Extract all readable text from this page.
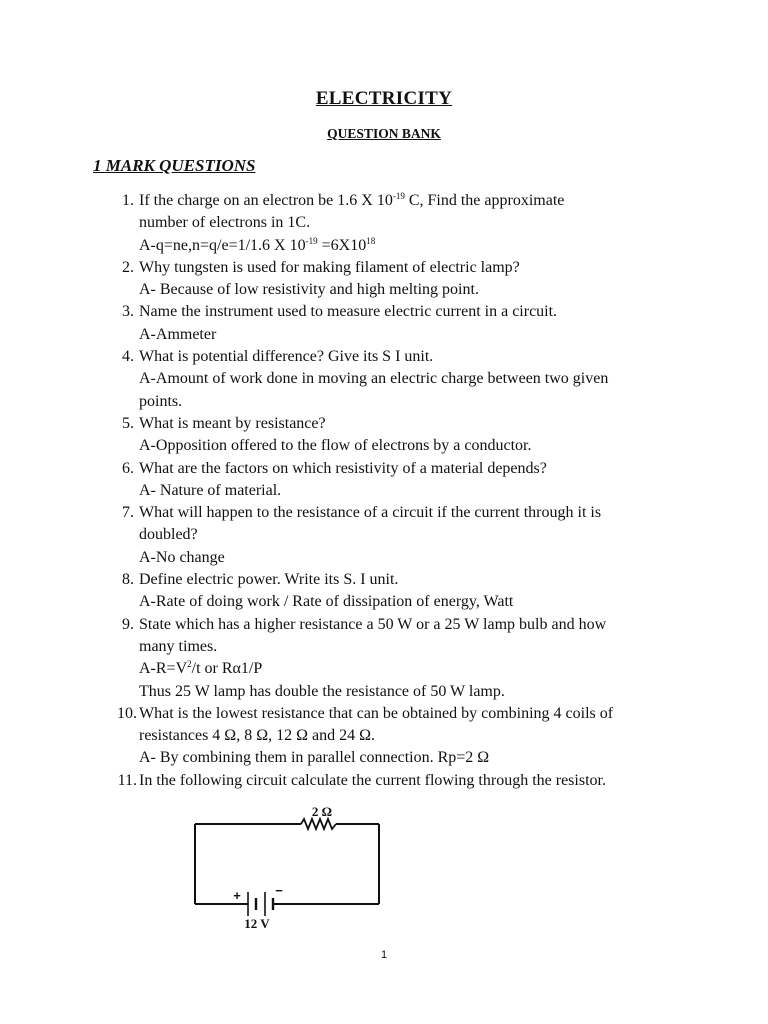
ELECTRICITY
QUESTION BANK
1 MARK QUESTIONS
1. If the charge on an electron be 1.6 X $10^{-19}$ C, Find the approximate
number of electrons in 1C.
A-q=ne,n=q/e=1/1.6 X $10^{-19} =6X10^{18}$
2. Why tungsten is used for making filament of electric lamp?
A- Because of low resistivity and high melting point.
3. Name the instrument used to measure electric current in a circuit.
A-Ammeter
4. What is potential difference? Give its S I unit.
A-Amount of work done in moving an electric charge between two given
points.
5. What is meant by resistance?
A-Opposition offered to the flow of electrons by a conductor.
6. What are the factors on which resistivity of a material depends?
A- Nature of material.
7. What will happen to the resistance of a circuit if the current through it is
doubled?
A-No change
8. Define electric power. Write its S. I unit.
A-Rate of doing work / Rate of dissipation of energy, Watt
9. State which has a higher resistance a 50 W or a 25 W lamp bulb and how
many times.
$A-R=V^2/t$ or Rα1/P
Thus 25 W lamp has double the resistance of 50 W lamp.
10. What is the lowest resistance that can be obtained by combining 4 coils of
resistances 4 Ω, 8 Ω, 12 Ω and 24 Ω.
A- By combining them in parallel connection. Rp=2 Ω
11. In the following circuit calculate the current flowing through the resistor.
2 Ω
+	−
12 V
1
